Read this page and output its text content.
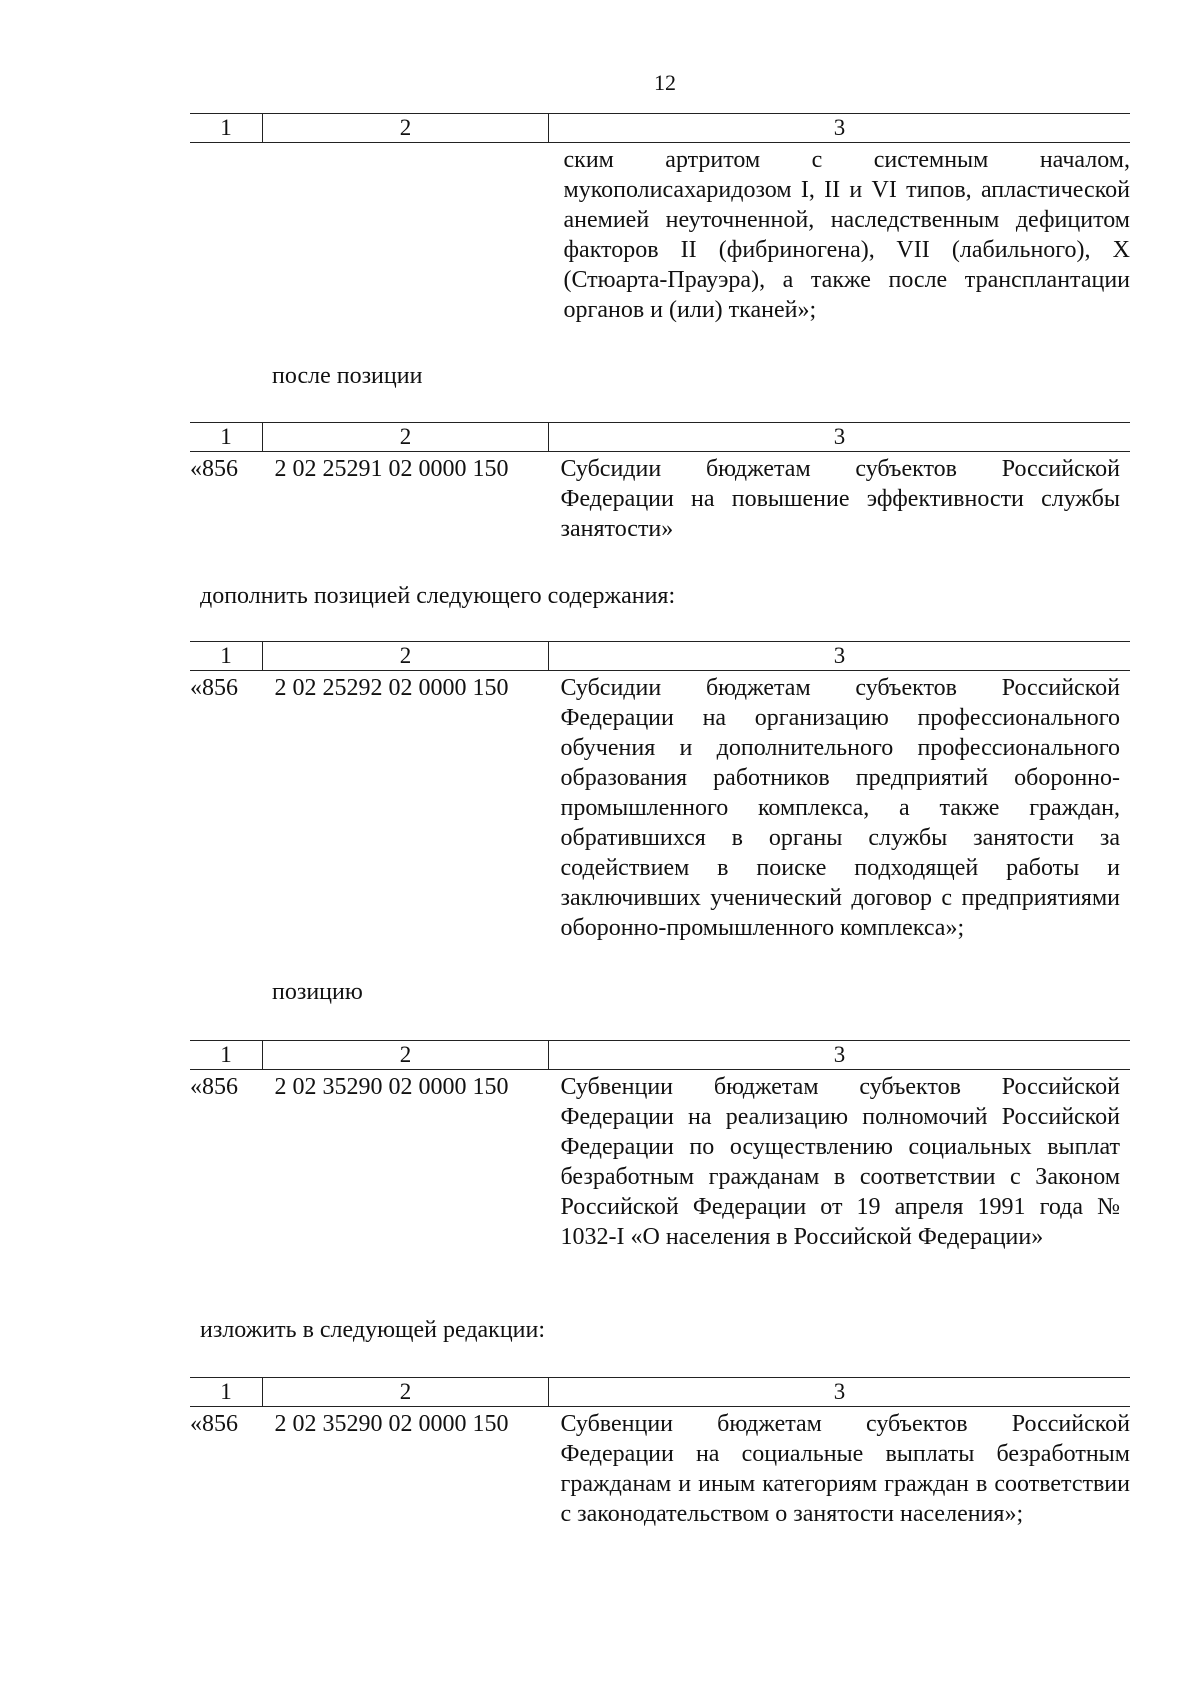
12
1	2	3
		ским артритом с системным началом, мукополисахаридозом I, II и VI типов, апластической анемией неуточненной, наследственным дефицитом факторов II (фибриногена), VII (лабильного), X (Стюарта-Прауэра), а также после трансплантации органов и (или) тканей»;
после позиции
1	2	3
«856	2 02 25291 02 0000 150	Субсидии бюджетам субъектов Российской Федерации на повышение эффективности службы занятости»
дополнить позицией следующего содержания:
1	2	3
«856	2 02 25292 02 0000 150	Субсидии бюджетам субъектов Российской Федерации на организацию профессионального обучения и дополнительного профессионального образования работников предприятий оборонно-промышленного комплекса, а также граждан, обратившихся в органы службы занятости за содействием в поиске подходящей работы и заключивших ученический договор с предприятиями оборонно-промышленного комплекса»;
позицию
1	2	3
«856	2 02 35290 02 0000 150	Субвенции бюджетам субъектов Российской Федерации на реализацию полномочий Российской Федерации по осуществлению социальных выплат безработным гражданам в соответствии с Законом Российской Федерации от 19 апреля 1991 года № 1032-I «О населения в Российской Федерации»
изложить в следующей редакции:
1	2	3
«856	2 02 35290 02 0000 150	Субвенции бюджетам субъектов Российской Федерации на социальные выплаты безработным гражданам и иным категориям граждан в соответствии с законодательством о занятости населения»;
